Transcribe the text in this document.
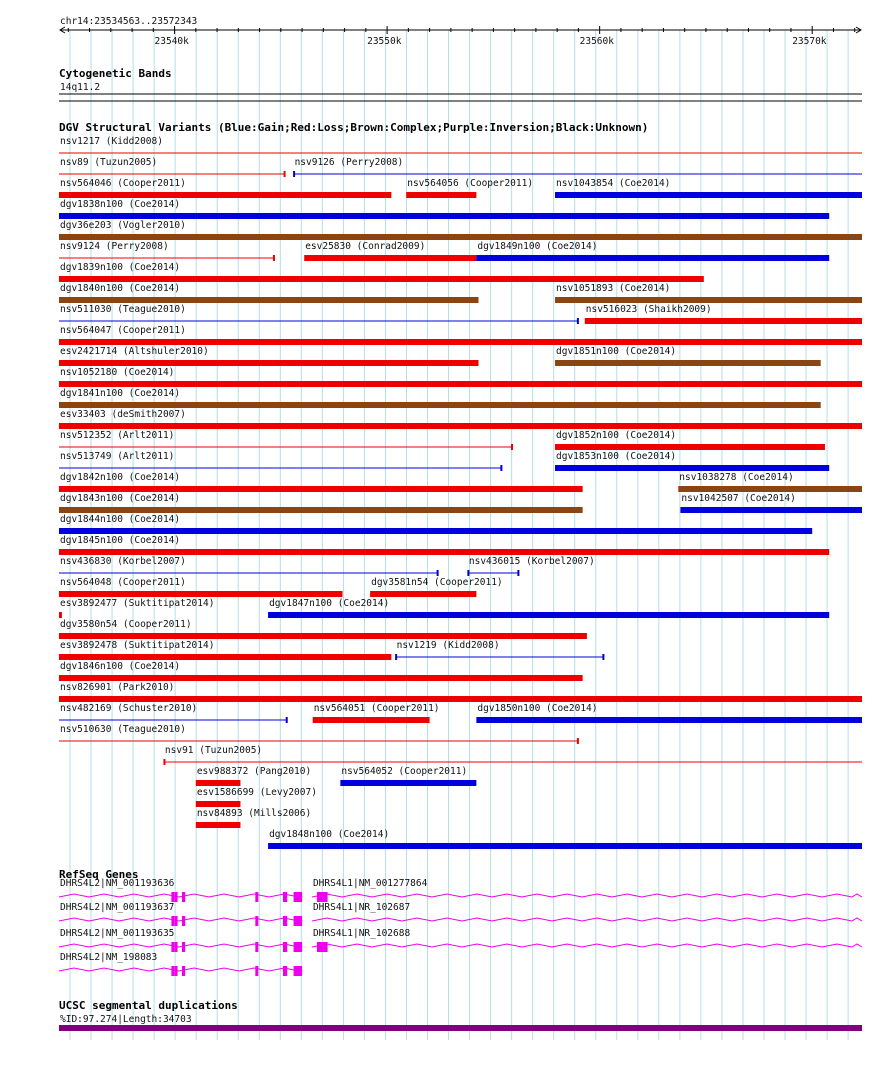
chr14:23534563..23572343
23540k	23550k	23560k	23570k
Cytogenetic Bands
14q11.2
DGV Structural Variants (Blue:Gain;Red:Loss;Brown:Complex;Purple:Inversion;Black:Unknown)
nsv1217 (Kidd2008)
nsv89 (Tuzun2005)	nsv9126 (Perry2008)
nsv564046 (Cooper2011)	nsv564056 (Cooper2011) nsv1043854 (Coe2014)
dgv1838n100 (Coe2014)
dgv36e203 (Vogler2010)
nsv9124 (Perry2008)	esv25830 (Conrad2009)	dgv1849n100 (Coe2014)
dgv1839n100 (Coe2014)
dgv1840n100 (Coe2014)	nsv1051893 (Coe2014)
nsv511030 (Teague2010)	nsv516023 (Shaikh2009)
nsv564047 (Cooper2011)
esv2421714 (Altshuler2010)	dgv1851n100 (Coe2014)
nsv1052180 (Coe2014)
dgv1841n100 (Coe2014)
esv33403 (deSmith2007)
nsv512352 (Arlt2011)	dgv1852n100 (Coe2014)
nsv513749 (Arlt2011)	dgv1853n100 (Coe2014)
dgv1842n100 (Coe2014)	nsv1038278 (Coe2014)
dgv1843n100 (Coe2014)	nsv1042507 (Coe2014)
dgv1844n100 (Coe2014)
dgv1845n100 (Coe2014)
nsv436830 (Korbel2007)	nsv436015 (Korbel2007)
nsv564048 (Cooper2011)	dgv3581n54 (Cooper2011)
esv3892477 (Suktitipat2014)	dgv1847n100 (Coe2014)
dgv3580n54 (Cooper2011)
esv3892478 (Suktitipat2014)	nsv1219 (Kidd2008)
dgv1846n100 (Coe2014)
nsv826901 (Park2010)
nsv482169 (Schuster2010)	nsv564051 (Cooper2011)	dgv1850n100 (Coe2014)
nsv510630 (Teague2010)
nsv91 (Tuzun2005)
esv988372 (Pang2010)	nsv564052 (Cooper2011)
esv1586699 (Levy2007)
nsv84893 (Mills2006)
dgv1848n100 (Coe2014)
RefSeq Genes
DHRS4L2|NM_001193636
DHRS4L2|NM_001193637
DHRS4L2|NM_001193635
DHRS4L2|NM_198083
DHRS4L1|NM_001277864
DHRS4L1|NR_102687
DHRS4L1|NR_102688
UCSC segmental duplications
%ID:97.274|Length:34703
